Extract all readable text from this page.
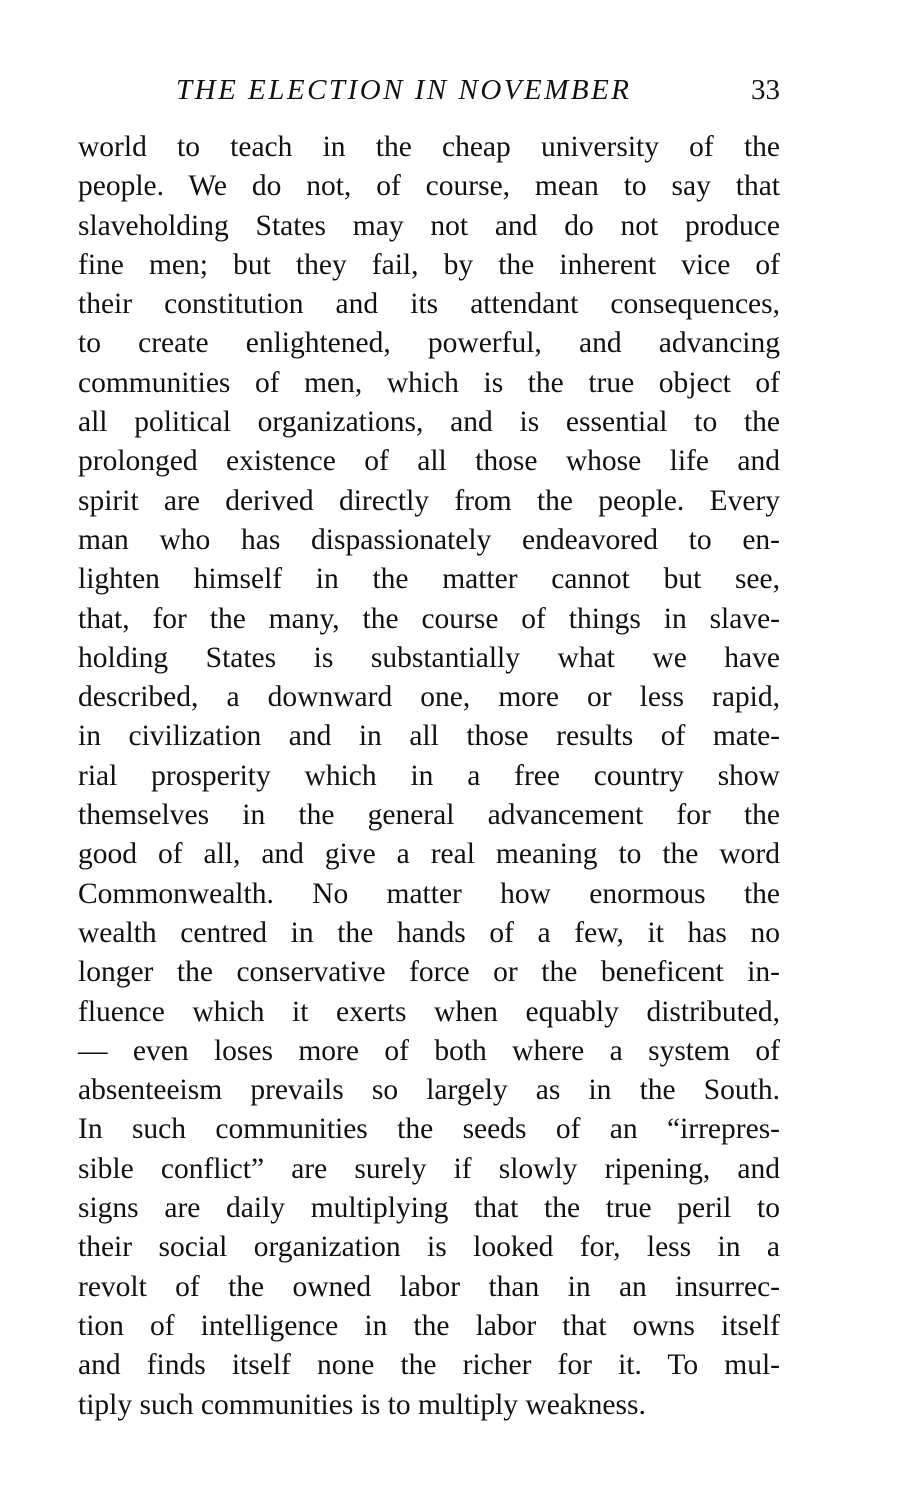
THE ELECTION IN NOVEMBER	33
world to teach in the cheap university of the
people. We do not, of course, mean to say that
slaveholding States may not and do not produce
fine men; but they fail, by the inherent vice of
their constitution and its attendant consequences,
to create enlightened, powerful, and advancing
communities of men, which is the true object of
all political organizations, and is essential to the
prolonged existence of all those whose life and
spirit are derived directly from the people. Every
man who has dispassionately endeavored to en-
lighten himself in the matter cannot but see,
that, for the many, the course of things in slave-
holding States is substantially what we have
described, a downward one, more or less rapid,
in civilization and in all those results of mate-
rial prosperity which in a free country show
themselves in the general advancement for the
good of all, and give a real meaning to the word
Commonwealth. No matter how enormous the
wealth centred in the hands of a few, it has no
longer the conservative force or the beneficent in-
fluence which it exerts when equably distributed,
— even loses more of both where a system of
absenteeism prevails so largely as in the South.
In such communities the seeds of an “irrepres-
sible conflict” are surely if slowly ripening, and
signs are daily multiplying that the true peril to
their social organization is looked for, less in a
revolt of the owned labor than in an insurrec-
tion of intelligence in the labor that owns itself
and finds itself none the richer for it. To mul-
tiply such communities is to multiply weakness.
